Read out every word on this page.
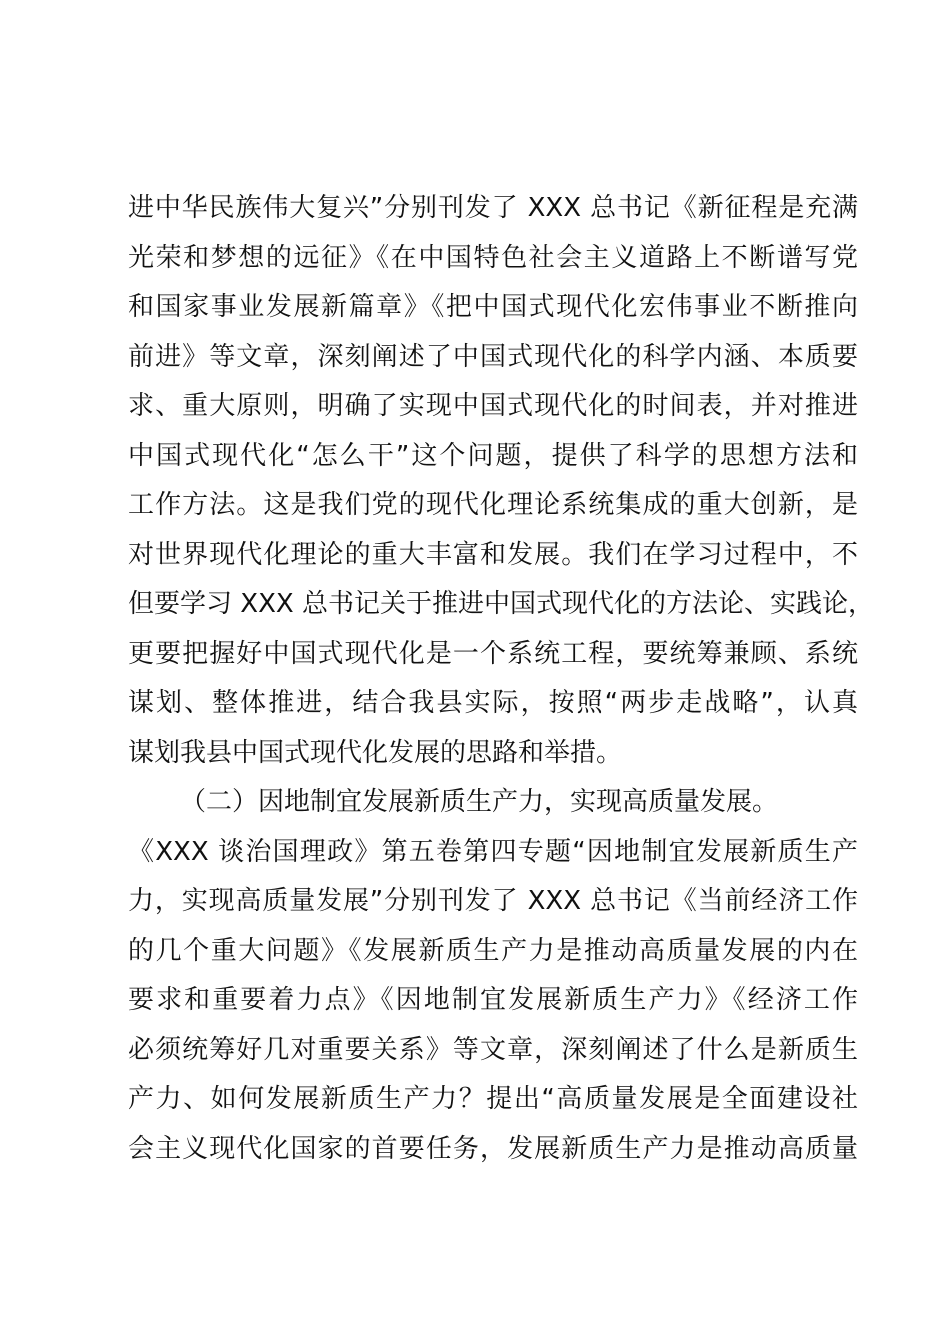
进中华民族伟大复兴”分别刊发了 XXX 总书记《新征程是充满
光荣和梦想的远征》《在中国特色社会主义道路上不断谱写党
和国家事业发展新篇章》《把中国式现代化宏伟事业不断推向
前进》等文章，深刻阐述了中国式现代化的科学内涵、本质要
求、重大原则，明确了实现中国式现代化的时间表，并对推进
中国式现代化“怎么干”这个问题，提供了科学的思想方法和
工作方法。这是我们党的现代化理论系统集成的重大创新，是
对世界现代化理论的重大丰富和发展。我们在学习过程中，不
但要学习 XXX 总书记关于推进中国式现代化的方法论、实践论，
更要把握好中国式现代化是一个系统工程，要统筹兼顾、系统
谋划、整体推进，结合我县实际，按照“两步走战略”，认真
谋划我县中国式现代化发展的思路和举措。
（二）因地制宜发展新质生产力，实现高质量发展。
《XXX 谈治国理政》第五卷第四专题“因地制宜发展新质生产
力，实现高质量发展”分别刊发了 XXX 总书记《当前经济工作
的几个重大问题》《发展新质生产力是推动高质量发展的内在
要求和重要着力点》《因地制宜发展新质生产力》《经济工作
必须统筹好几对重要关系》等文章，深刻阐述了什么是新质生
产力、如何发展新质生产力？提出“高质量发展是全面建设社
会主义现代化国家的首要任务，发展新质生产力是推动高质量
